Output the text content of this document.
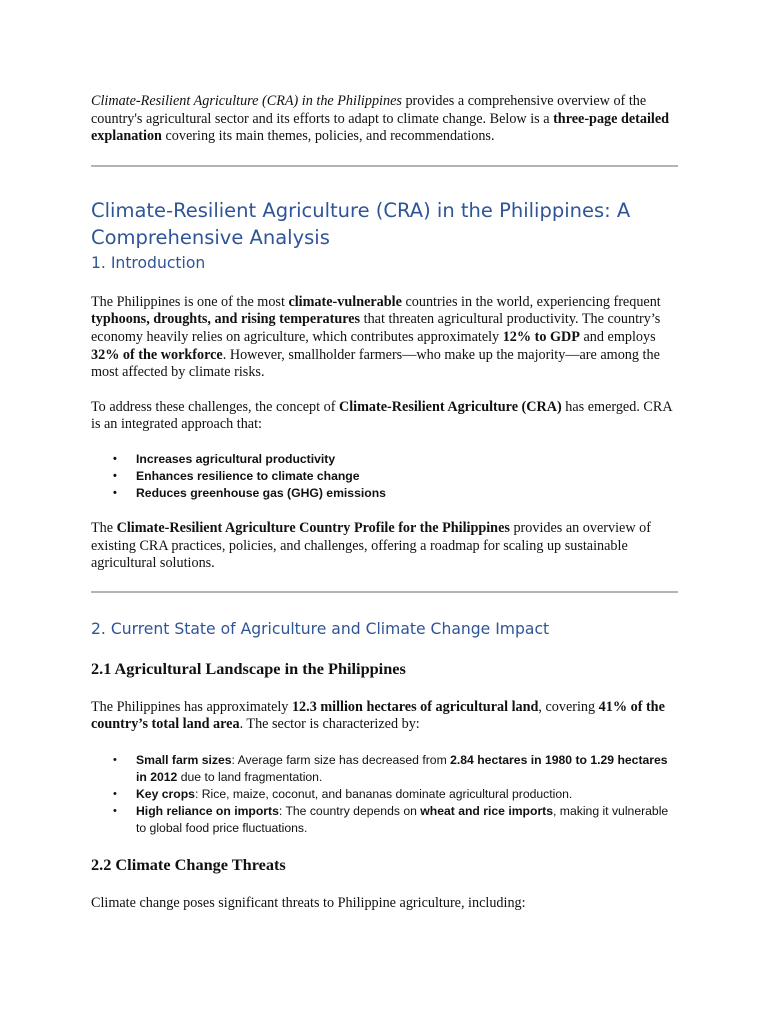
Climate-Resilient Agriculture (CRA) in the Philippines provides a comprehensive overview of the country's agricultural sector and its efforts to adapt to climate change. Below is a three-page detailed explanation covering its main themes, policies, and recommendations.

Climate-Resilient Agriculture (CRA) in the Philippines: A Comprehensive Analysis
1. Introduction

The Philippines is one of the most climate-vulnerable countries in the world, experiencing frequent typhoons, droughts, and rising temperatures that threaten agricultural productivity. The country’s economy heavily relies on agriculture, which contributes approximately 12% to GDP and employs 32% of the workforce. However, smallholder farmers—who make up the majority—are among the most affected by climate risks.

To address these challenges, the concept of Climate-Resilient Agriculture (CRA) has emerged. CRA is an integrated approach that:

• Increases agricultural productivity
• Enhances resilience to climate change
• Reduces greenhouse gas (GHG) emissions

The Climate-Resilient Agriculture Country Profile for the Philippines provides an overview of existing CRA practices, policies, and challenges, offering a roadmap for scaling up sustainable agricultural solutions.

2. Current State of Agriculture and Climate Change Impact
2.1 Agricultural Landscape in the Philippines

The Philippines has approximately 12.3 million hectares of agricultural land, covering 41% of the country’s total land area. The sector is characterized by:

• Small farm sizes: Average farm size has decreased from 2.84 hectares in 1980 to 1.29 hectares in 2012 due to land fragmentation.
• Key crops: Rice, maize, coconut, and bananas dominate agricultural production.
• High reliance on imports: The country depends on wheat and rice imports, making it vulnerable to global food price fluctuations.
2.2 Climate Change Threats

Climate change poses significant threats to Philippine agriculture, including:
